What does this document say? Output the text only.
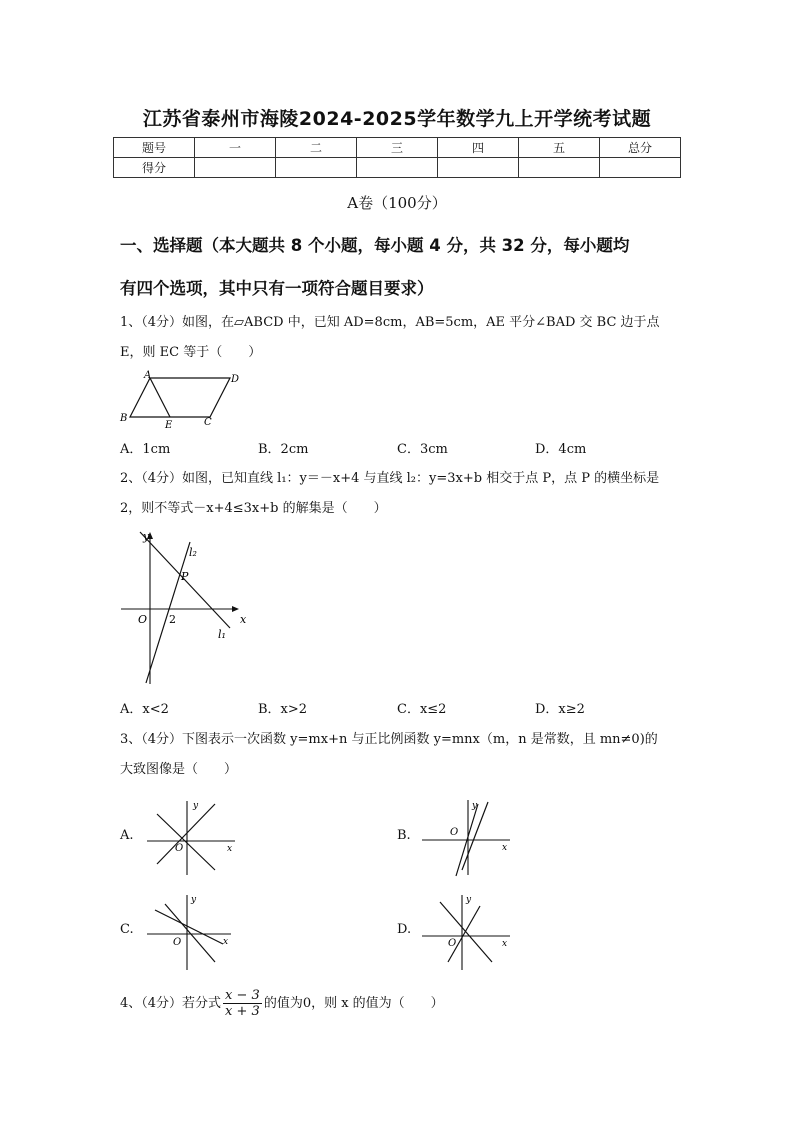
江苏省泰州市海陵2024-2025学年数学九上开学统考试题
题号	一	二	三	四	五	总分
得分						
A卷（100分）
一、选择题（本大题共 8 个小题，每小题 4 分，共 32 分，每小题均
有四个选项，其中只有一项符合题目要求）
1、（4分）如图，在▱ABCD 中，已知 AD=8cm，AB=5cm，AE 平分∠BAD 交 BC 边于点
E，则 EC 等于（　　）
A	D
B
E	C
A．1cm	B．2cm	C．3cm	D．4cm
2、（4分）如图，已知直线 l₁：y＝－x+4 与直线 l₂：y=3x+b 相交于点 P，点 P 的横坐标是
2，则不等式－x+4≤3x+b 的解集是（　　）
y
x
O 2
P
l₁
l₂
A．x<2	B．x>2	C．x≤2	D．x≥2
3、（4分）下图表示一次函数 y=mx+n 与正比例函数 y=mnx（m，n 是常数，且 mn≠0)的
大致图像是（　　）
A.
y
x
O
B.
y
x
O
C.
y
x
O
D.
y
x
O
4、（4分）若分式 $\frac{x - 3}{x + 3}$ 的值为0，则 x 的值为（　　）
